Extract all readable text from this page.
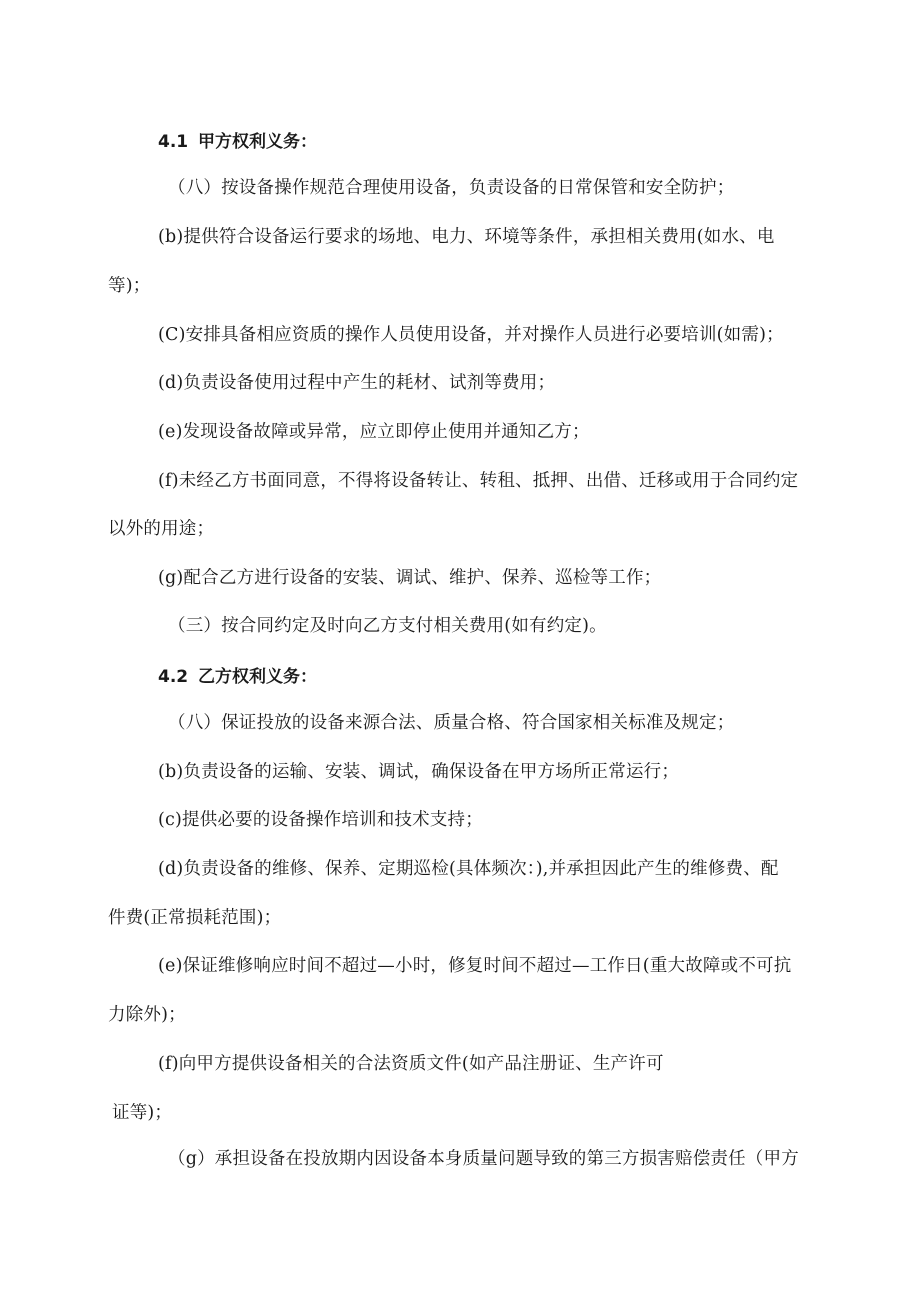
4.1 甲方权利义务：
（八）按设备操作规范合理使用设备，负责设备的日常保管和安全防护；
(b)提供符合设备运行要求的场地、电力、环境等条件，承担相关费用(如水、电
等)；
(C)安排具备相应资质的操作人员使用设备，并对操作人员进行必要培训(如需)；
(d)负责设备使用过程中产生的耗材、试剂等费用；
(e)发现设备故障或异常，应立即停止使用并通知乙方；
(f)未经乙方书面同意，不得将设备转让、转租、抵押、出借、迁移或用于合同约定
以外的用途；
(g)配合乙方进行设备的安装、调试、维护、保养、巡检等工作；
（三）按合同约定及时向乙方支付相关费用(如有约定)。
4.2 乙方权利义务：
（八）保证投放的设备来源合法、质量合格、符合国家相关标准及规定；
(b)负责设备的运输、安装、调试，确保设备在甲方场所正常运行；
(c)提供必要的设备操作培训和技术支持；
(d)负责设备的维修、保养、定期巡检(具体频次：),并承担因此产生的维修费、配
件费(正常损耗范围)；
(e)保证维修响应时间不超过—小时，修复时间不超过—工作日(重大故障或不可抗
力除外)；
(f)向甲方提供设备相关的合法资质文件(如产品注册证、生产许可
证等)；
（g）承担设备在投放期内因设备本身质量问题导致的第三方损害赔偿责任（甲方
